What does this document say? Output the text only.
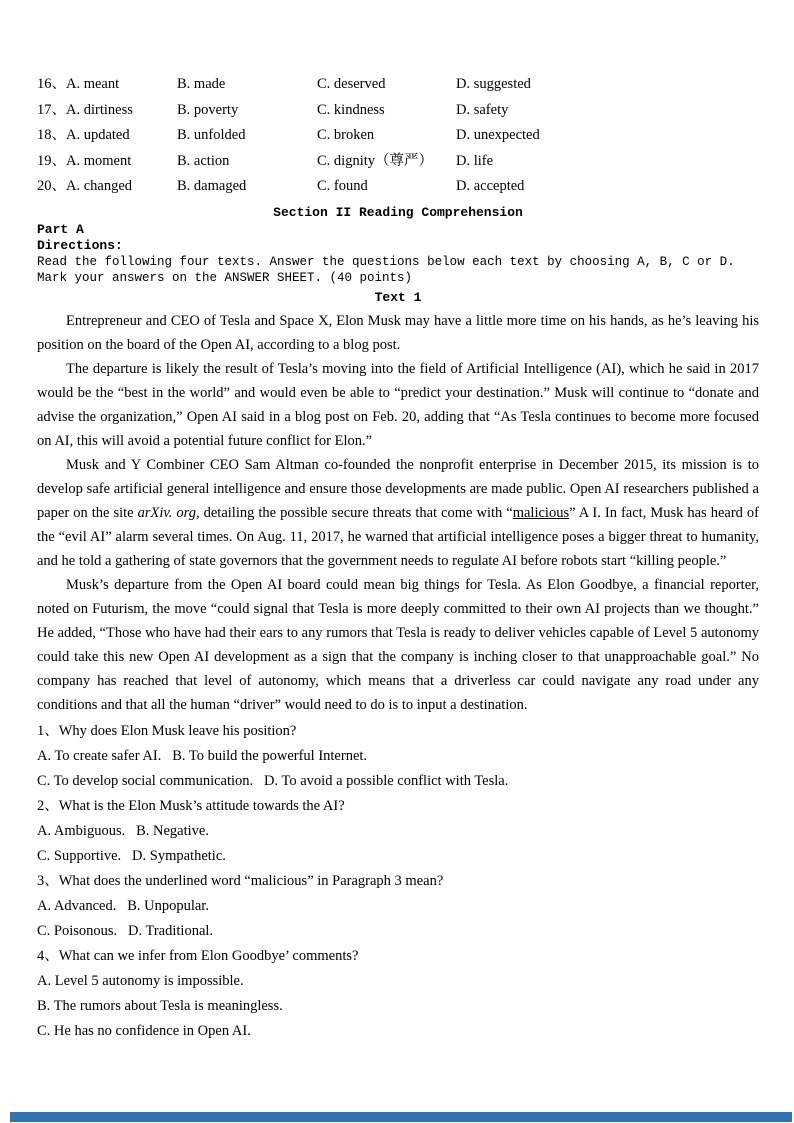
16、A. meant	B. made	C. deserved	D. suggested
17、A. dirtiness	B. poverty	C. kindness	D. safety
18、A. updated	B. unfolded	C. broken	D. unexpected
19、A. moment	B. action	C. dignity（尊严）	D. life
20、A. changed	B. damaged	C. found	D. accepted
Section II Reading Comprehension
Part A
Directions:
Read the following four texts. Answer the questions below each text by choosing A, B, C or D. Mark your answers on the ANSWER SHEET. (40 points)
Text 1

Entrepreneur and CEO of Tesla and Space X, Elon Musk may have a little more time on his hands, as he’s leaving his position on the board of the Open AI, according to a blog post.

The departure is likely the result of Tesla’s moving into the field of Artificial Intelligence (AI), which he said in 2017 would be the “best in the world” and would even be able to “predict your destination.” Musk will continue to “donate and advise the organization,” Open AI said in a blog post on Feb. 20, adding that “As Tesla continues to become more focused on AI, this will avoid a potential future conflict for Elon.”

Musk and Y Combiner CEO Sam Altman co-founded the nonprofit enterprise in December 2015, its mission is to develop safe artificial general intelligence and ensure those developments are made public. Open AI researchers published a paper on the site arXiv. org, detailing the possible secure threats that come with “malicious” A I. In fact, Musk has heard of the “evil AI” alarm several times. On Aug. 11, 2017, he warned that artificial intelligence poses a bigger threat to humanity, and he told a gathering of state governors that the government needs to regulate AI before robots start “killing people.”

Musk’s departure from the Open AI board could mean big things for Tesla. As Elon Goodbye, a financial reporter, noted on Futurism, the move “could signal that Tesla is more deeply committed to their own AI projects than we thought.” He added, “Those who have had their ears to any rumors that Tesla is ready to deliver vehicles capable of Level 5 autonomy could take this new Open AI development as a sign that the company is inching closer to that unapproachable goal.” No company has reached that level of autonomy, which means that a driverless car could navigate any road under any conditions and that all the human “driver” would need to do is to input a destination.

1、Why does Elon Musk leave his position?
A. To create safer AI.   B. To build the powerful Internet.
C. To develop social communication.   D. To avoid a possible conflict with Tesla.
2、What is the Elon Musk’s attitude towards the AI?
A. Ambiguous.   B. Negative.
C. Supportive.   D. Sympathetic.
3、What does the underlined word “malicious” in Paragraph 3 mean?
A. Advanced.   B. Unpopular.
C. Poisonous.   D. Traditional.
4、What can we infer from Elon Goodbye’ comments?
A. Level 5 autonomy is impossible.
B. The rumors about Tesla is meaningless.
C. He has no confidence in Open AI.
